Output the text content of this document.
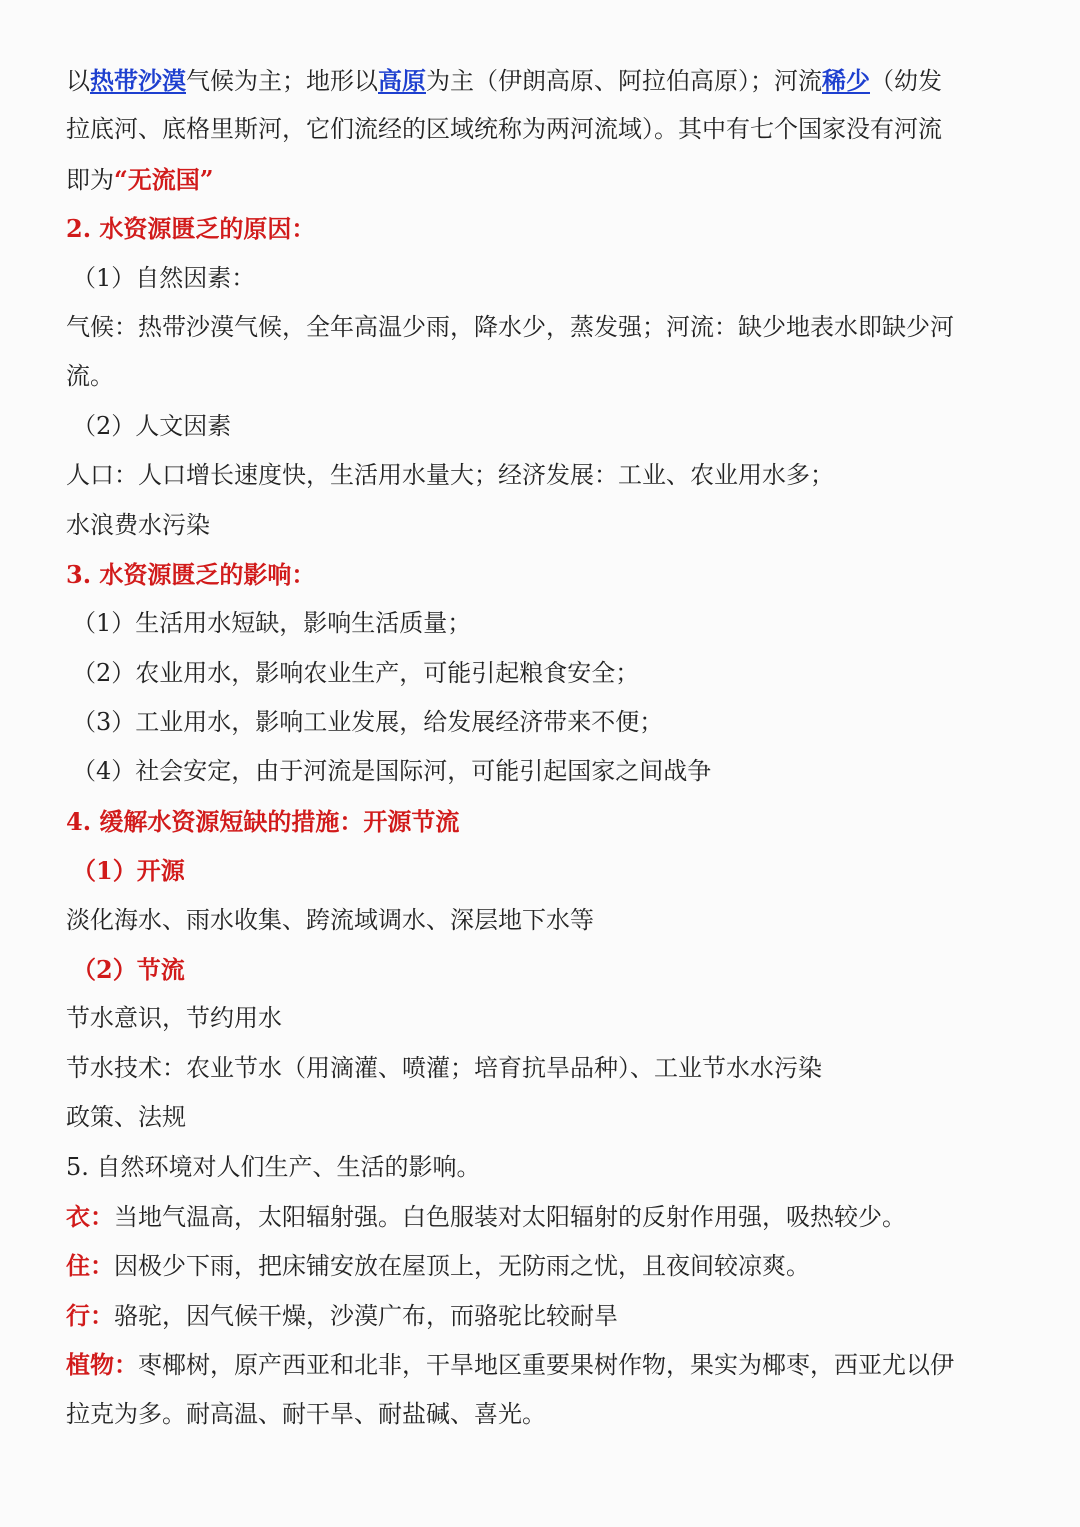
以热带沙漠气候为主；地形以高原为主（伊朗高原、阿拉伯高原）；河流稀少（幼发
拉底河、底格里斯河，它们流经的区域统称为两河流域）。其中有七个国家没有河流
即为“无流国”
2. 水资源匮乏的原因：
（1）自然因素：
气候：热带沙漠气候，全年高温少雨，降水少，蒸发强；河流：缺少地表水即缺少河
流。
（2）人文因素
人口：人口增长速度快，生活用水量大；经济发展：工业、农业用水多；
水浪费水污染
3. 水资源匮乏的影响：
（1）生活用水短缺，影响生活质量；
（2）农业用水，影响农业生产，可能引起粮食安全；
（3）工业用水，影响工业发展，给发展经济带来不便；
（4）社会安定，由于河流是国际河，可能引起国家之间战争
4. 缓解水资源短缺的措施：开源节流
（1）开源
淡化海水、雨水收集、跨流域调水、深层地下水等
（2）节流
节水意识，节约用水
节水技术：农业节水（用滴灌、喷灌；培育抗旱品种）、工业节水水污染
政策、法规
5. 自然环境对人们生产、生活的影响。
衣：当地气温高，太阳辐射强。白色服装对太阳辐射的反射作用强，吸热较少。
住：因极少下雨，把床铺安放在屋顶上，无防雨之忧，且夜间较凉爽。
行：骆驼，因气候干燥，沙漠广布，而骆驼比较耐旱
植物：枣椰树，原产西亚和北非，干旱地区重要果树作物，果实为椰枣，西亚尤以伊
拉克为多。耐高温、耐干旱、耐盐碱、喜光。
